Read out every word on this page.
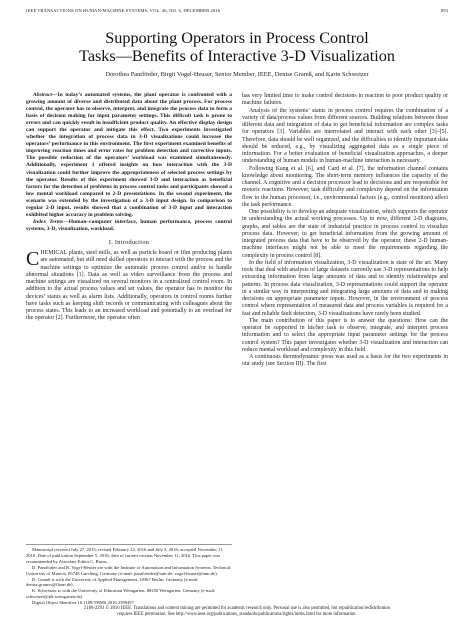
IEEE TRANSACTIONS ON HUMAN-MACHINE SYSTEMS, VOL. 46, NO. 6, DECEMBER 2016	893
Supporting Operators in Process Control
Tasks—Benefits of Interactive 3-D Visualization
Dorothea Pantförder, Birgit Vogel-Heuser, Senior Member, IEEE, Denise Gramß, and Karin Schweizer

Abstract—In today’s automated systems, the plant operator is confronted with a growing amount of diverse and distributed data about the plant process. For process control, the operator has to observe, interpret, and integrate the process data to form a basis of decision making for input parameter settings. This difficult task is prone to errors and can quickly result in insufficient product quality. An effective display design can support the operator and mitigate this effect. Two experiments investigated whether the integration of process data in 3-D visualizations could increase the operators’ performance in this environment. The first experiment examined benefits of improving reaction times and error rates for problem detection and corrective inputs. The possible reduction of the operators’ workload was examined simultaneously. Additionally, experiment 1 offered insights on how interaction with the 3-D visualization could further improve the appropriateness of selected process settings by the operator. Results of this experiment showed 3-D and interaction as beneficial factors for the detection of problems in process control tasks and participants showed a low mental workload compared to 2-D presentations. In the second experiment, the scenario was extended by the investigation of a 3-D input design. In comparison to regular 2-D input, results showed that a combination of 3-D input and interaction exhibited higher accuracy in problem solving.

Index Terms—Human–computer interface, human performance, process control systems, 3-D, visualization, workload.

I. Introduction

CHEMICAL plants, steel mills, as well as particle board or film producing plants are automated, but still need skilled operators to interact with the process and the machine settings to optimize the automatic process control and/or to handle abnormal situations [1]. Data as well as video surveillance from the process and machine settings are visualized on several monitors in a centralized control room. In addition to the actual process values and set values, the operator has to monitor the devices’ status as well as alarm lists. Additionally, operators in control rooms further have tasks such as keeping shift records or communicating with colleagues about the process states. This leads to an increased workload and potentially to an overload for the operator [2]. Furthermore, the operator often

has very limited time to make control decisions in reaction to poor product quality or machine failures.

Analysis of the systems’ status in process control requires the combination of a variety of data/process values from different sources. Building relations between these different data and integration of data to get beneficial information are complex tasks for operators [3]. Variables are interrelated and interact with each other [3]–[5]. Therefore, data should be well organized, and the difficulties to identify important data should be reduced, e.g., by visualizing aggregated data as a single piece of information. For a better evaluation of beneficial visualization approaches, a deeper understanding of human models in human-machine interaction is necessary.

Following Kang et al. [6], and Card et al. [7], the information channel contains knowledge about monitoring. The short-term memory influences the capacity of the channel. A cognitive and a decision processor lead to decisions and are responsible for motoric reactions. However, task difficulty and complexity depend on the information flow to the human processor, i.e., environmental factors (e.g., control monitors) affect the task performance.

One possibility is to develop an adequate visualization, which supports the operator in understanding the actual working processes. Up to now, different 2-D diagrams, graphs, and tables are the state of industrial practice in process control to visualize process data. However, to get beneficial information from the growing amount of integrated process data that have to be observed by the operator, these 2-D human-machine interfaces might not be able to meet the requirements regarding the complexity in process control [8].

In the field of information visualization, 3-D visualization is state of the art. Many tools that deal with analysis of large datasets currently use 3-D representations to help extracting information from large amounts of data and to identify relationships and patterns. In process data visualization, 3-D representations could support the operator in a similar way in interpreting and integrating large amounts of data and in making decisions on appropriate parameter inputs. However, in the environment of process control where representation of measured data and process variables is required for a fast and reliable fault detection, 3-D visualizations have rarely been studied.

The main contribution of this paper is to answer the questions: How can the operator be supported in his/her task to observe, integrate, and interpret process information and to select the appropriate input parameter settings for the process control system? This paper investigates whether 3-D visualization and interaction can reduce mental workload and complexity in this field.

A continuous thermodynamic press was used as a basis for the two experiments in our study (see Section III). The first

Manuscript received July 27, 2015; revised February 22, 2016 and July 3, 2016; accepted November 11, 2016. Date of publication September 5, 2016; date of current version November 11, 2016. This paper was recommended by Associate Editor C. Burns.
D. Pantförder and B. Vogel-Heuser are with the Institute of Automation and Information Systems, Technical University of Munich, 85748 Garching, Germany (e-mail: pantfoerder@tum.de; vogel-heuser@tum.de).
D. Gramß is with the University of Applied Management, 10367 Berlin, Germany (e-mail: denise.gramss@fham.de).
K. Schweizer is with the University of Education Weingarten, 88250 Weingarten, Germany (e-mail: schweizer@ph-weingarten.de).
Digital Object Identifier 10.1109/THMS.2016.2599497
2168-2291 © 2016 IEEE. Translations and content mining are permitted for academic research only. Personal use is also permitted, but republication/redistribution
requires IEEE permission. See http://www.ieee.org/publications_standards/publications/rights/index.html for more information.
